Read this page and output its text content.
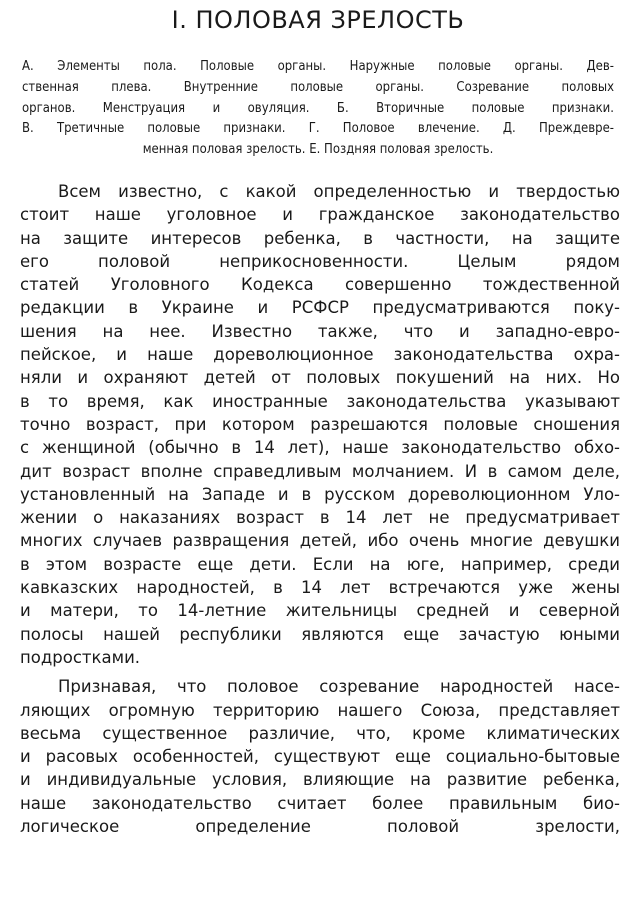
I. ПОЛОВАЯ ЗРЕЛОСТЬ
А. Элементы пола. Половые органы. Наружные половые органы. Дев-
ственная плева. Внутренние половые органы. Созревание половых
органов. Менструация и овуляция. Б. Вторичные половые признаки.
В. Третичные половые признаки. Г. Половое влечение. Д. Преждевре-
менная половая зрелость. Е. Поздняя половая зрелость.
Всем известно, с какой определенностью и твердостью
стоит наше уголовное и гражданское законодательство
на защите интересов ребенка, в частности, на защите
его половой неприкосновенности. Целым рядом
статей Уголовного Кодекса совершенно тождественной
редакции в Украине и РСФСР предусматриваются поку-
шения на нее. Известно также, что и западно-евро-
пейское, и наше дореволюционное законодательства охра-
няли и охраняют детей от половых покушений на них. Но
в то время, как иностранные законодательства указывают
точно возраст, при котором разрешаются половые сношения
с женщиной (обычно в 14 лет), наше законодательство обхо-
дит возраст вполне справедливым молчанием. И в самом деле,
установленный на Западе и в русском дореволюционном Уло-
жении о наказаниях возраст в 14 лет не предусматривает
многих случаев развращения детей, ибо очень многие девушки
в этом возрасте еще дети. Если на юге, например, среди
кавказских народностей, в 14 лет встречаются уже жены
и матери, то 14-летние жительницы средней и северной
полосы нашей республики являются еще зачастую юными
подростками.
Признавая, что половое созревание народностей насе-
ляющих огромную территорию нашего Союза, представляет
весьма существенное различие, что, кроме климатических
и расовых особенностей, существуют еще социально-бытовые
и индивидуальные условия, влияющие на развитие ребенка,
наше законодательство считает более правильным био-
логическое определение половой зрелости,
